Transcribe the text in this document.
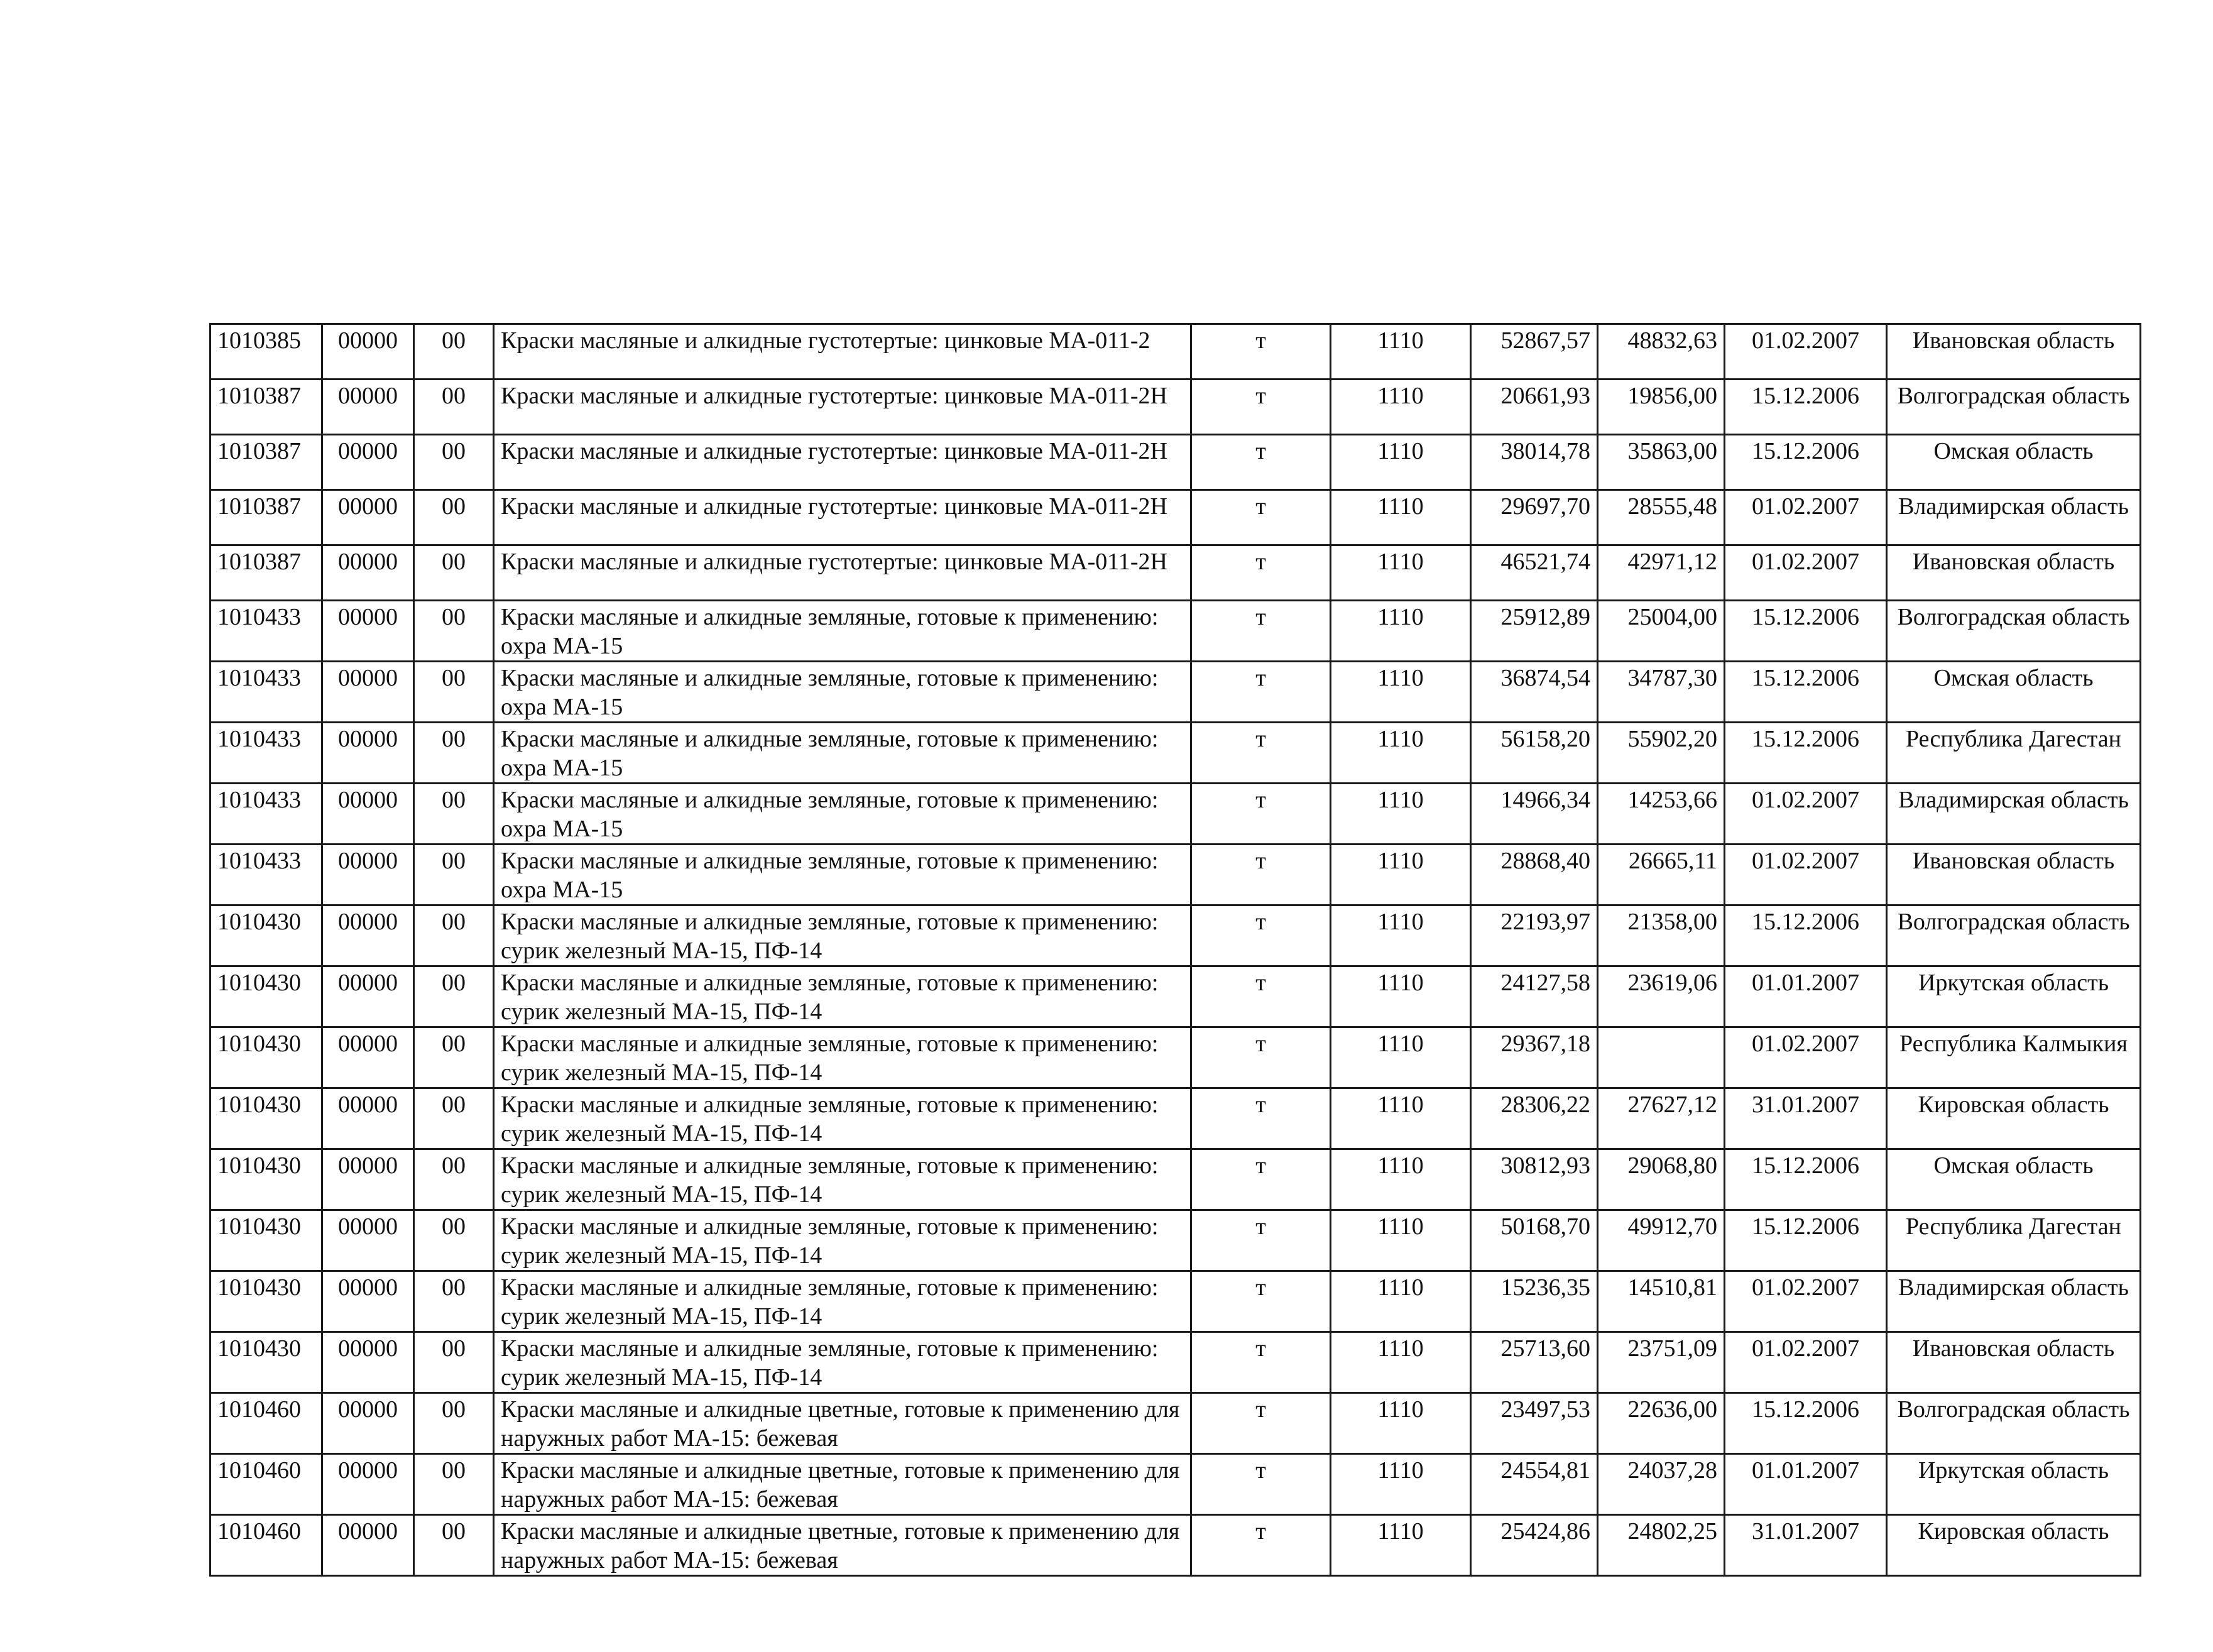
1010385	00000	00	Краски масляные и алкидные густотертые: цинковые МА-011-2	т	1110	52867,57	48832,63	01.02.2007	Ивановская область
1010387	00000	00	Краски масляные и алкидные густотертые: цинковые МА-011-2Н	т	1110	20661,93	19856,00	15.12.2006	Волгоградская область
1010387	00000	00	Краски масляные и алкидные густотертые: цинковые МА-011-2Н	т	1110	38014,78	35863,00	15.12.2006	Омская область
1010387	00000	00	Краски масляные и алкидные густотертые: цинковые МА-011-2Н	т	1110	29697,70	28555,48	01.02.2007	Владимирская область
1010387	00000	00	Краски масляные и алкидные густотертые: цинковые МА-011-2Н	т	1110	46521,74	42971,12	01.02.2007	Ивановская область
1010433	00000	00	Краски масляные и алкидные земляные, готовые к применению: охра МА-15	т	1110	25912,89	25004,00	15.12.2006	Волгоградская область
1010433	00000	00	Краски масляные и алкидные земляные, готовые к применению: охра МА-15	т	1110	36874,54	34787,30	15.12.2006	Омская область
1010433	00000	00	Краски масляные и алкидные земляные, готовые к применению: охра МА-15	т	1110	56158,20	55902,20	15.12.2006	Республика Дагестан
1010433	00000	00	Краски масляные и алкидные земляные, готовые к применению: охра МА-15	т	1110	14966,34	14253,66	01.02.2007	Владимирская область
1010433	00000	00	Краски масляные и алкидные земляные, готовые к применению: охра МА-15	т	1110	28868,40	26665,11	01.02.2007	Ивановская область
1010430	00000	00	Краски масляные и алкидные земляные, готовые к применению: сурик железный МА-15, ПФ-14	т	1110	22193,97	21358,00	15.12.2006	Волгоградская область
1010430	00000	00	Краски масляные и алкидные земляные, готовые к применению: сурик железный МА-15, ПФ-14	т	1110	24127,58	23619,06	01.01.2007	Иркутская область
1010430	00000	00	Краски масляные и алкидные земляные, готовые к применению: сурик железный МА-15, ПФ-14	т	1110	29367,18		01.02.2007	Республика Калмыкия
1010430	00000	00	Краски масляные и алкидные земляные, готовые к применению: сурик железный МА-15, ПФ-14	т	1110	28306,22	27627,12	31.01.2007	Кировская область
1010430	00000	00	Краски масляные и алкидные земляные, готовые к применению: сурик железный МА-15, ПФ-14	т	1110	30812,93	29068,80	15.12.2006	Омская область
1010430	00000	00	Краски масляные и алкидные земляные, готовые к применению: сурик железный МА-15, ПФ-14	т	1110	50168,70	49912,70	15.12.2006	Республика Дагестан
1010430	00000	00	Краски масляные и алкидные земляные, готовые к применению: сурик железный МА-15, ПФ-14	т	1110	15236,35	14510,81	01.02.2007	Владимирская область
1010430	00000	00	Краски масляные и алкидные земляные, готовые к применению: сурик железный МА-15, ПФ-14	т	1110	25713,60	23751,09	01.02.2007	Ивановская область
1010460	00000	00	Краски масляные и алкидные цветные, готовые к применению для наружных работ МА-15: бежевая	т	1110	23497,53	22636,00	15.12.2006	Волгоградская область
1010460	00000	00	Краски масляные и алкидные цветные, готовые к применению для наружных работ МА-15: бежевая	т	1110	24554,81	24037,28	01.01.2007	Иркутская область
1010460	00000	00	Краски масляные и алкидные цветные, готовые к применению для наружных работ МА-15: бежевая	т	1110	25424,86	24802,25	31.01.2007	Кировская область
